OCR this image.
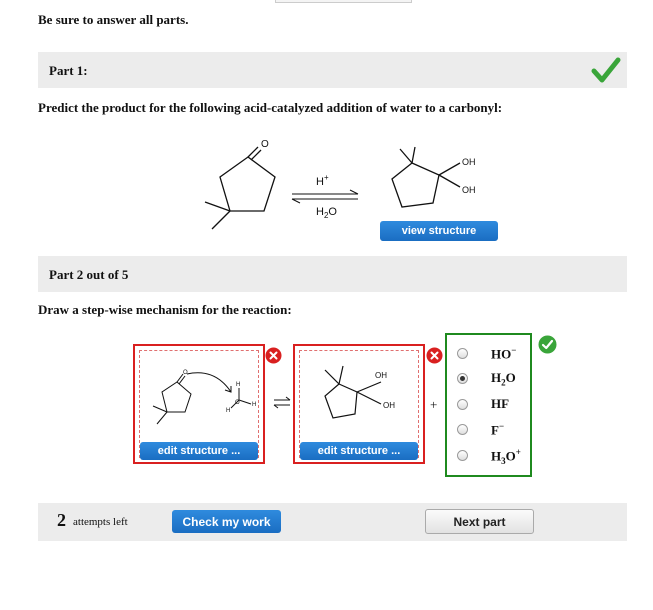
Be sure to answer all parts.
Part 1:
Predict the product for the following acid-catalyzed addition of water to a carbonyl:
O
H+
$H_2O$
OH
OH
view structure
Part 2 out of 5
Draw a step-wise mechanism for the reaction:
O
H
O H
H
edit structure ...
OH
OH
edit structure ...
+
HO−
$H_2O$
HF
F−
$H_3O^+$
2 attempts left	Check my work	Next part
